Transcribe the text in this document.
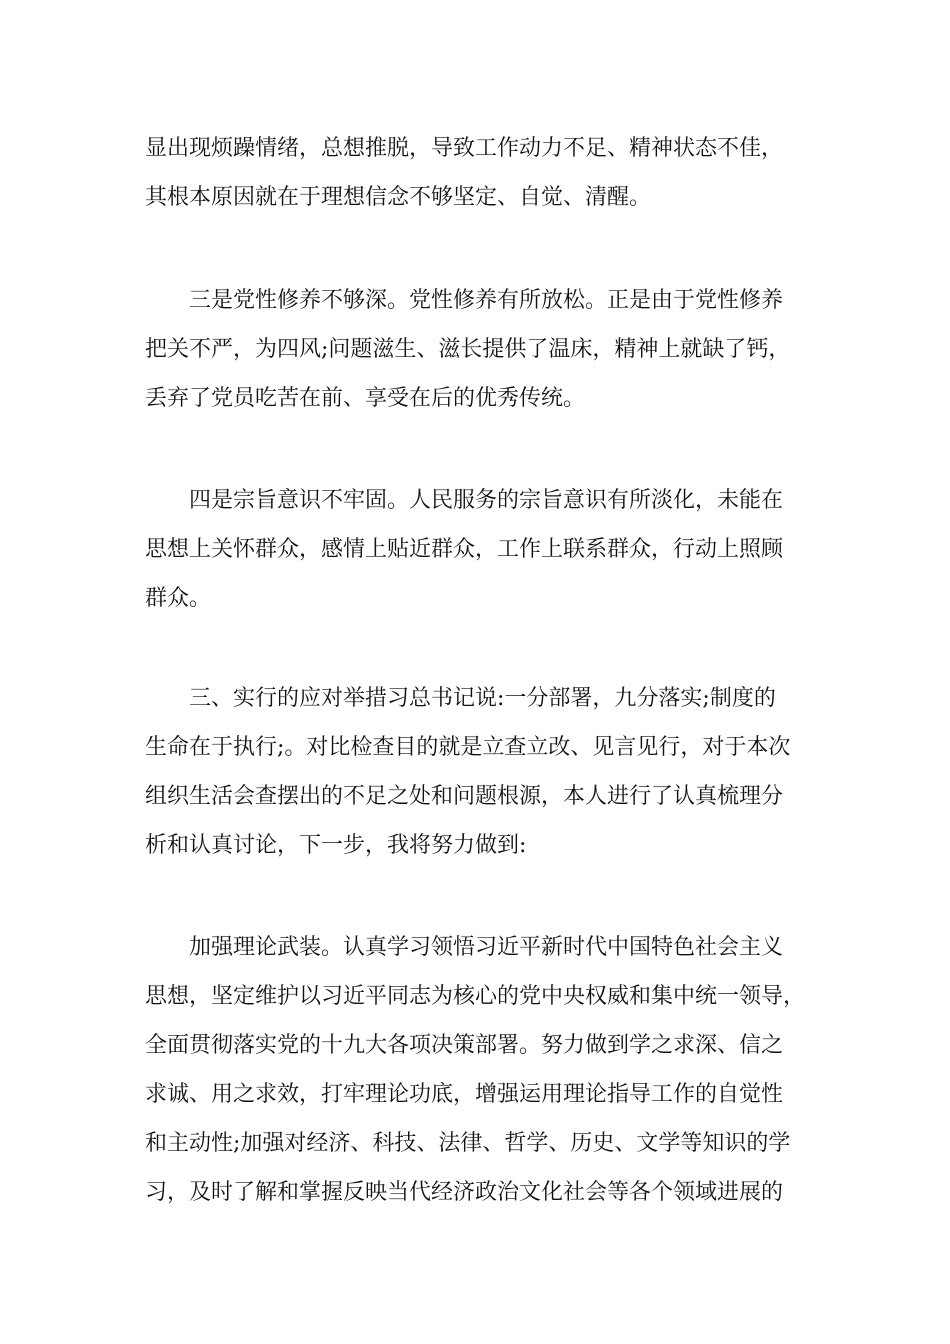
显出现烦躁情绪，总想推脱，导致工作动力不足、精神状态不佳，
其根本原因就在于理想信念不够坚定、自觉、清醒。
　　三是党性修养不够深。党性修养有所放松。正是由于党性修养
把关不严，为四风;问题滋生、滋长提供了温床，精神上就缺了钙，
丢弃了党员吃苦在前、享受在后的优秀传统。
　　四是宗旨意识不牢固。人民服务的宗旨意识有所淡化，未能在
思想上关怀群众，感情上贴近群众，工作上联系群众，行动上照顾
群众。
　　三、实行的应对举措习总书记说:一分部署，九分落实;制度的
生命在于执行;。对比检查目的就是立查立改、见言见行，对于本次
组织生活会查摆出的不足之处和问题根源，本人进行了认真梳理分
析和认真讨论，下一步，我将努力做到:
　　加强理论武装。认真学习领悟习近平新时代中国特色社会主义
思想，坚定维护以习近平同志为核心的党中央权威和集中统一领导，
全面贯彻落实党的十九大各项决策部署。努力做到学之求深、信之
求诚、用之求效，打牢理论功底，增强运用理论指导工作的自觉性
和主动性;加强对经济、科技、法律、哲学、历史、文学等知识的学
习，及时了解和掌握反映当代经济政治文化社会等各个领域进展的
